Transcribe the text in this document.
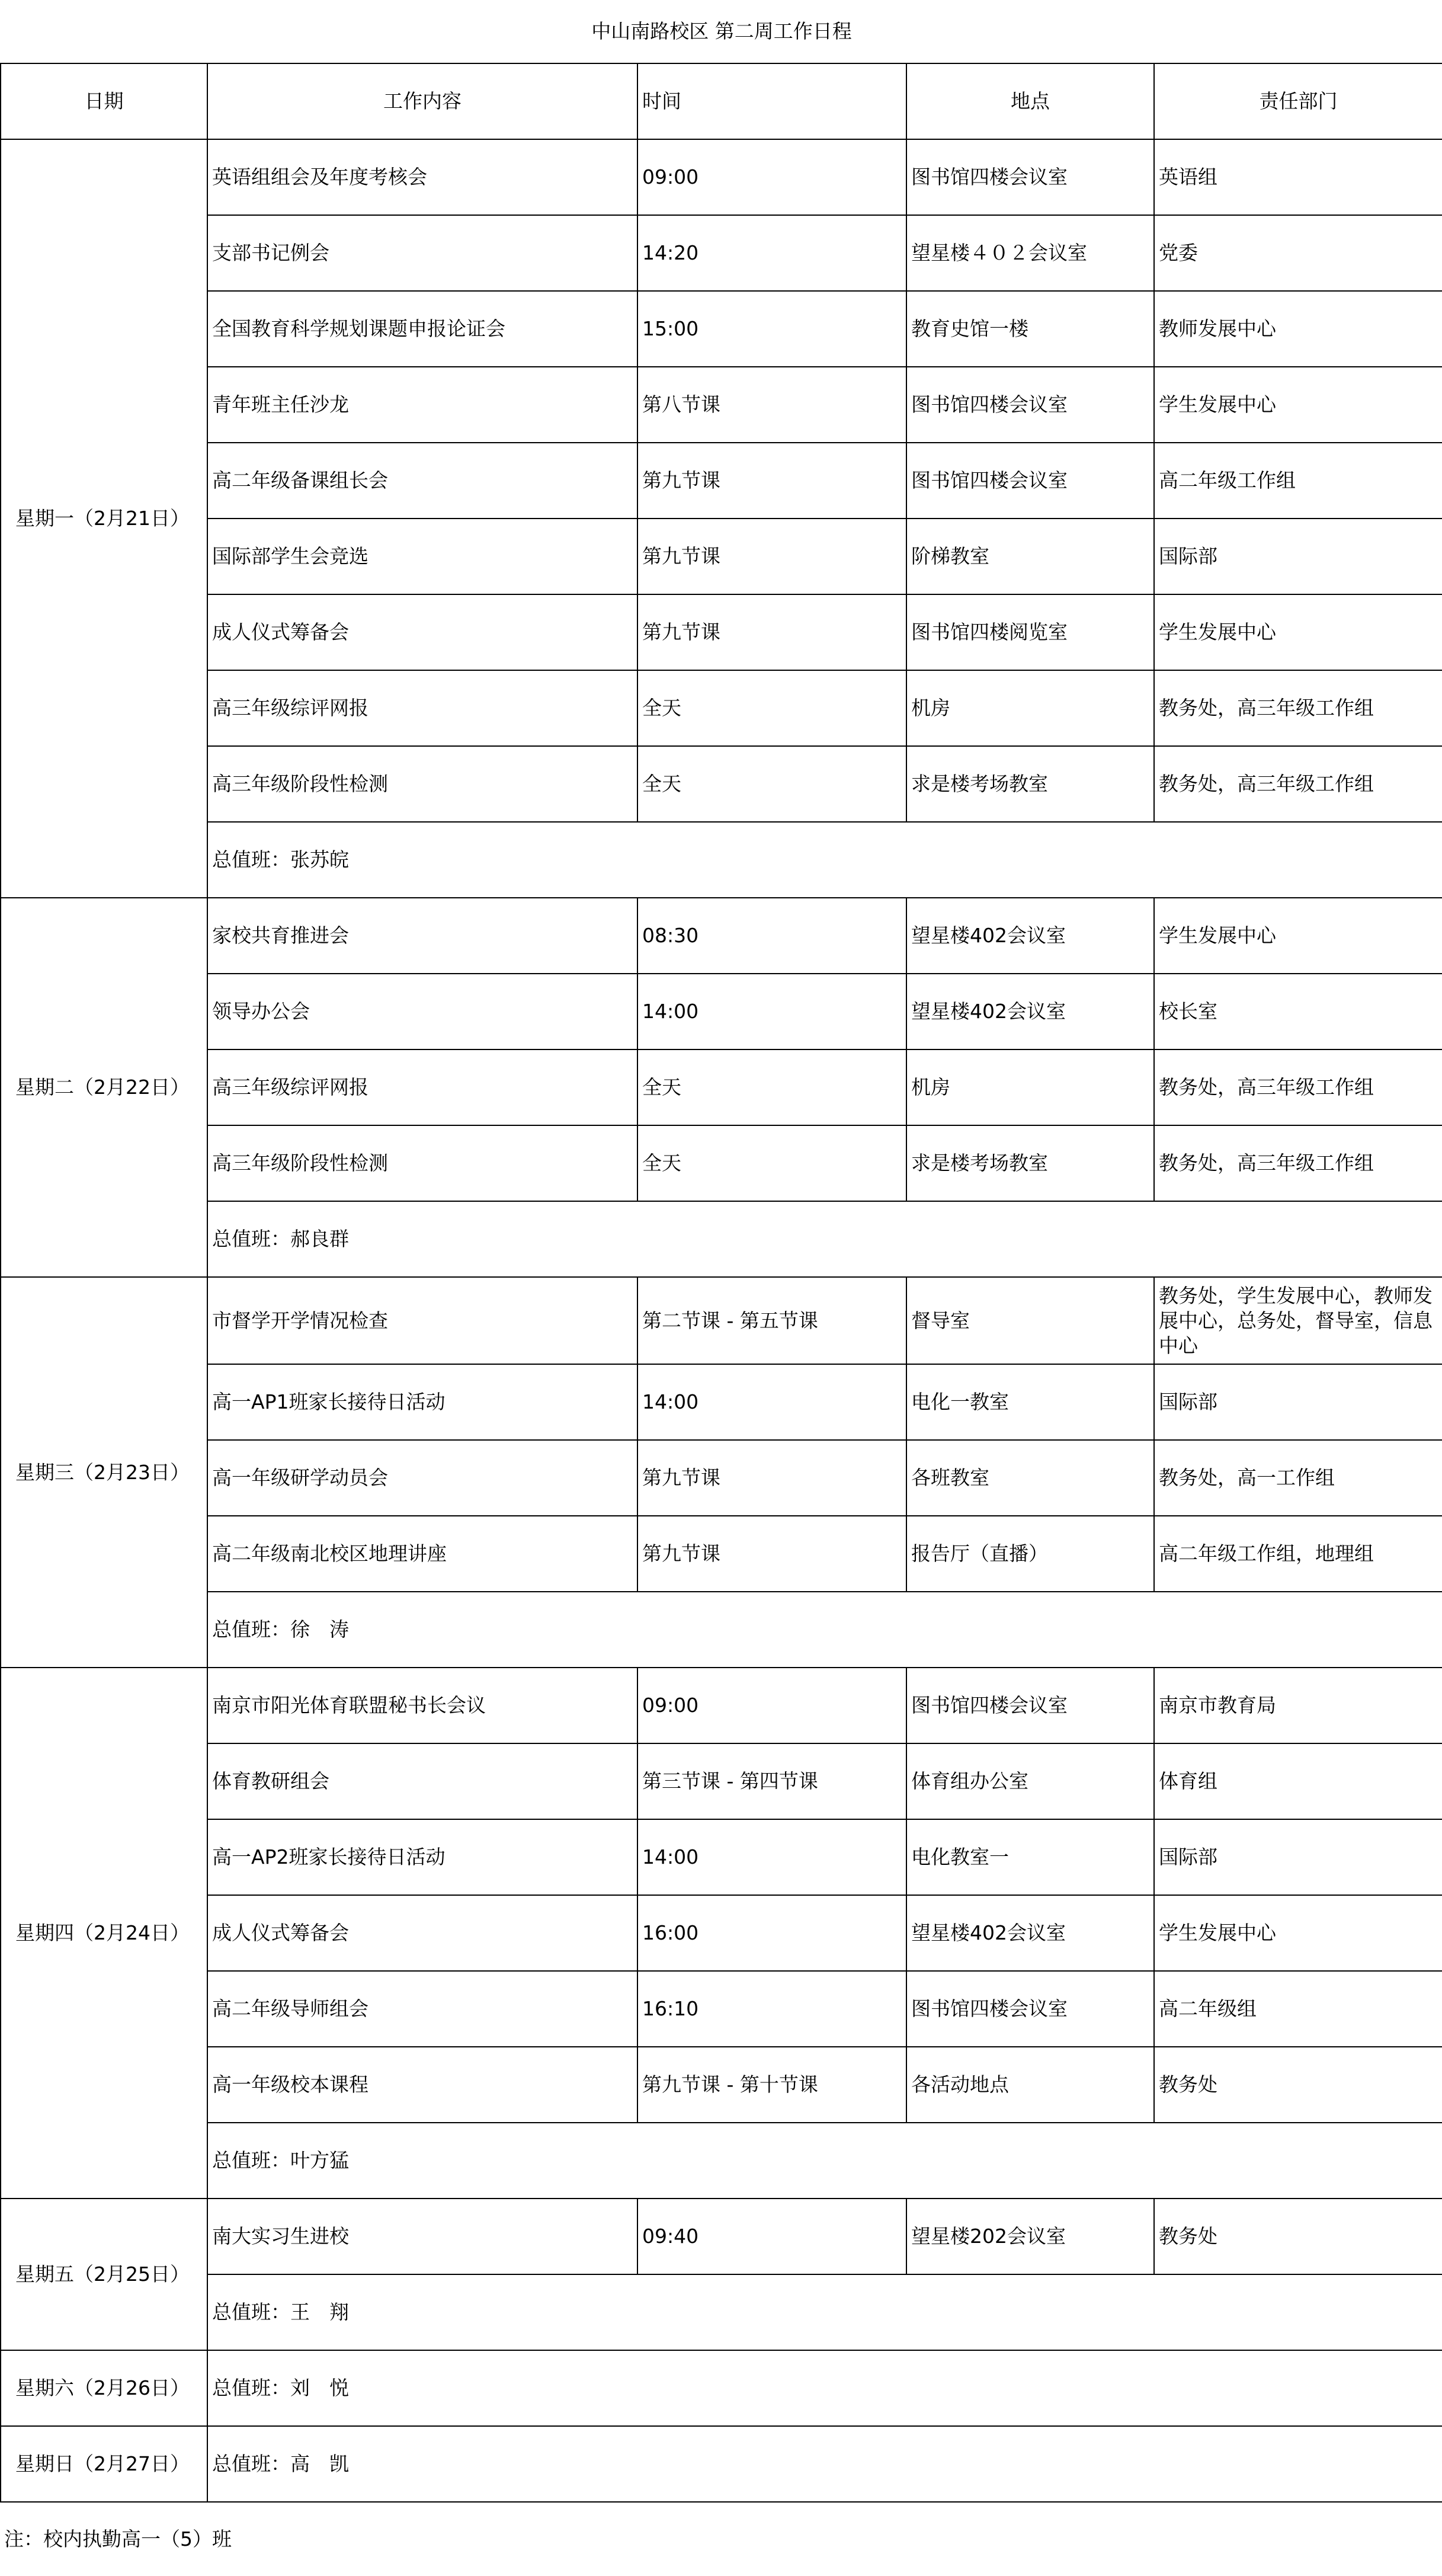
中山南路校区 第二周工作日程				
日期	工作内容	时间	地点	责任部门
星期一（2月21日）	英语组组会及年度考核会	09:00	图书馆四楼会议室	英语组
	支部书记例会	14:20	望星楼４０２会议室	党委
	全国教育科学规划课题申报论证会	15:00	教育史馆一楼	教师发展中心
	青年班主任沙龙	第八节课	图书馆四楼会议室	学生发展中心
	高二年级备课组长会	第九节课	图书馆四楼会议室	高二年级工作组
	国际部学生会竞选	第九节课	阶梯教室	国际部
	成人仪式筹备会	第九节课	图书馆四楼阅览室	学生发展中心
	高三年级综评网报	全天	机房	教务处，高三年级工作组
	高三年级阶段性检测	全天	求是楼考场教室	教务处，高三年级工作组
	总值班：张苏皖			
星期二（2月22日）	家校共育推进会	08:30	望星楼402会议室	学生发展中心
	领导办公会	14:00	望星楼402会议室	校长室
	高三年级综评网报	全天	机房	教务处，高三年级工作组
	高三年级阶段性检测	全天	求是楼考场教室	教务处，高三年级工作组
	总值班：郝良群			
星期三（2月23日）	市督学开学情况检查	第二节课 - 第五节课	督导室	教务处，学生发展中心，教师发展中心，总务处，督导室，信息中心
	高一AP1班家长接待日活动	14:00	电化一教室	国际部
	高一年级研学动员会	第九节课	各班教室	教务处，高一工作组
	高二年级南北校区地理讲座	第九节课	报告厅（直播）	高二年级工作组，地理组
	总值班：徐　涛			
星期四（2月24日）	南京市阳光体育联盟秘书长会议	09:00	图书馆四楼会议室	南京市教育局
	体育教研组会	第三节课 - 第四节课	体育组办公室	体育组
	高一AP2班家长接待日活动	14:00	电化教室一	国际部
	成人仪式筹备会	16:00	望星楼402会议室	学生发展中心
	高二年级导师组会	16:10	图书馆四楼会议室	高二年级组
	高一年级校本课程	第九节课 - 第十节课	各活动地点	教务处
	总值班：叶方猛			
星期五（2月25日）	南大实习生进校	09:40	望星楼202会议室	教务处
	总值班：王　翔			
星期六（2月26日）	总值班：刘　悦			
星期日（2月27日）	总值班：高　凯			
注：校内执勤高一（5）班				
